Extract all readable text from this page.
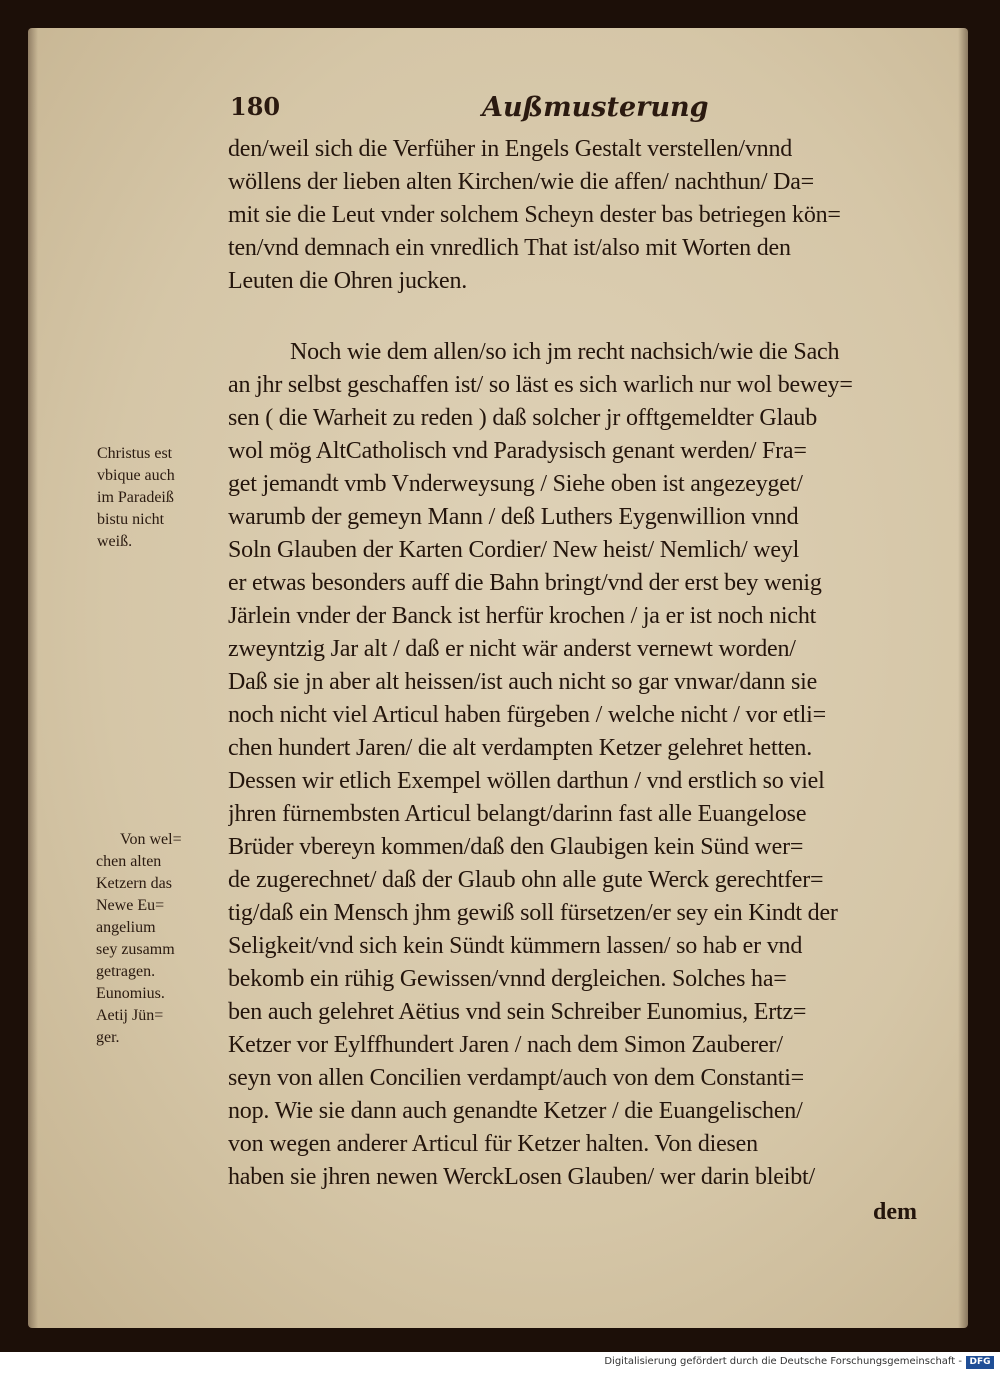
180	Außmusterung
den/weil sich die Verfüher in Engels Gestalt verstellen/vnnd
wöllens der lieben alten Kirchen/wie die affen/ nachthun/ Da=
mit sie die Leut vnder solchem Scheyn dester bas betriegen kön=
ten/vnd demnach ein vnredlich That ist/also mit Worten den
Leuten die Ohren jucken.
Noch wie dem allen/so ich jm recht nachsich/wie die Sach
an jhr selbst geschaffen ist/ so läst es sich warlich nur wol bewey=
sen ( die Warheit zu reden ) daß solcher jr offtgemeldter Glaub
wol mög AltCatholisch vnd Paradysisch genant werden/ Fra=
get jemandt vmb Vnderweysung / Siehe oben ist angezeyget/
warumb der gemeyn Mann / deß Luthers Eygenwillion vnnd
Soln Glauben der Karten Cordier/ New heist/ Nemlich/ weyl
er etwas besonders auff die Bahn bringt/vnd der erst bey wenig
Järlein vnder der Banck ist herfür krochen / ja er ist noch nicht
zweyntzig Jar alt / daß er nicht wär anderst vernewt worden/
Daß sie jn aber alt heissen/ist auch nicht so gar vnwar/dann sie
noch nicht viel Articul haben fürgeben / welche nicht / vor etli=
chen hundert Jaren/ die alt verdampten Ketzer gelehret hetten.
Dessen wir etlich Exempel wöllen darthun / vnd erstlich so viel
jhren fürnembsten Articul belangt/darinn fast alle Euangelose
Brüder vbereyn kommen/daß den Glaubigen kein Sünd wer=
de zugerechnet/ daß der Glaub ohn alle gute Werck gerechtfer=
tig/daß ein Mensch jhm gewiß soll fürsetzen/er sey ein Kindt der
Seligkeit/vnd sich kein Sündt kümmern lassen/ so hab er vnd
bekomb ein rühig Gewissen/vnnd dergleichen. Solches ha=
ben auch gelehret Aëtius vnd sein Schreiber Eunomius, Ertz=
Ketzer vor Eylffhundert Jaren / nach dem Simon Zauberer/
seyn von allen Concilien verdampt/auch von dem Constanti=
nop. Wie sie dann auch genandte Ketzer / die Euangelischen/
von wegen anderer Articul für Ketzer halten. Von diesen
haben sie jhren newen WerckLosen Glauben/ wer darin bleibt/
Christus est
vbique auch
im Paradeiß
bistu nicht
weiß.
Von wel=
chen alten
Ketzern das
Newe Eu=
angelium
sey zusamm
getragen.
Eunomius.
Aetij Jün=
ger.
dem
Digitalisierung gefördert durch die Deutsche Forschungsgemeinschaft - DFG
